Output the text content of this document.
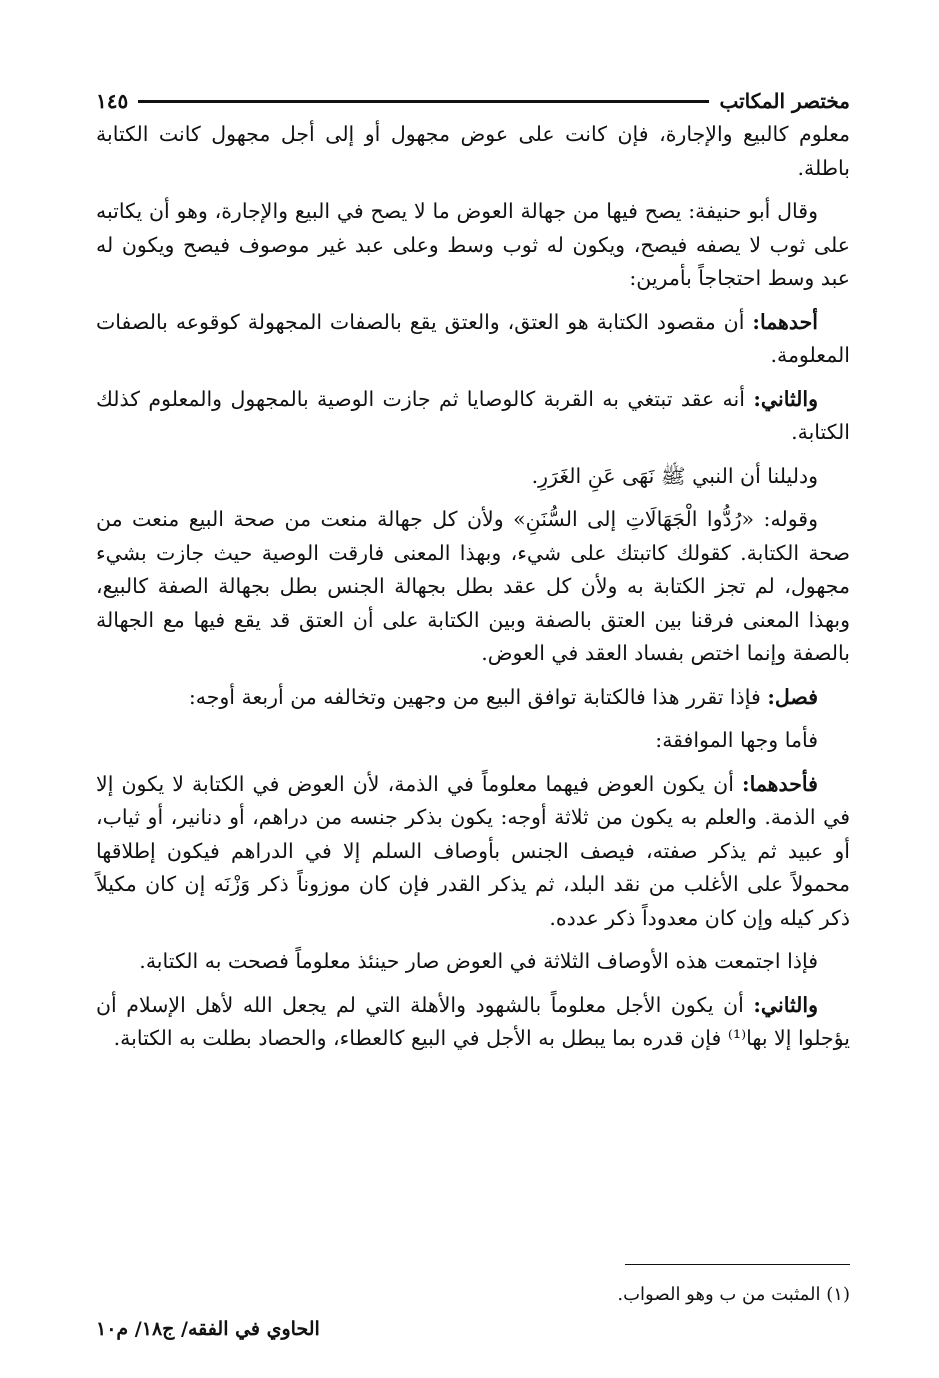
مختصر المكاتب
١٤٥

معلوم كالبيع والإجارة، فإن كانت على عوض مجهول أو إلى أجل مجهول كانت الكتابة باطلة.

وقال أبو حنيفة: يصح فيها من جهالة العوض ما لا يصح في البيع والإجارة، وهو أن يكاتبه على ثوب لا يصفه فيصح، ويكون له ثوب وسط وعلى عبد غير موصوف فيصح ويكون له عبد وسط احتجاجاً بأمرين:

أحدهما: أن مقصود الكتابة هو العتق، والعتق يقع بالصفات المجهولة كوقوعه بالصفات المعلومة.

والثاني: أنه عقد تبتغي به القربة كالوصايا ثم جازت الوصية بالمجهول والمعلوم كذلك الكتابة.

ودليلنا أن النبي ﷺ نَهَى عَنِ الغَرَرِ.

وقوله: «رُدُّوا الْجَهَالَاتِ إلى السُّنَنِ» ولأن كل جهالة منعت من صحة البيع منعت من صحة الكتابة. كقولك كاتبتك على شيء، وبهذا المعنى فارقت الوصية حيث جازت بشيء مجهول، لم تجز الكتابة به ولأن كل عقد بطل بجهالة الجنس بطل بجهالة الصفة كالبيع، وبهذا المعنى فرقنا بين العتق بالصفة وبين الكتابة على أن العتق قد يقع فيها مع الجهالة بالصفة وإنما اختص بفساد العقد في العوض.

فصل: فإذا تقرر هذا فالكتابة توافق البيع من وجهين وتخالفه من أربعة أوجه:

فأما وجها الموافقة:

فأحدهما: أن يكون العوض فيهما معلوماً في الذمة، لأن العوض في الكتابة لا يكون إلا في الذمة. والعلم به يكون من ثلاثة أوجه: يكون بذكر جنسه من دراهم، أو دنانير، أو ثياب، أو عبيد ثم يذكر صفته، فيصف الجنس بأوصاف السلم إلا في الدراهم فيكون إطلاقها محمولاً على الأغلب من نقد البلد، ثم يذكر القدر فإن كان موزوناً ذكر وَزْنَه إن كان مكيلاً ذكر كيله وإن كان معدوداً ذكر عدده.

فإذا اجتمعت هذه الأوصاف الثلاثة في العوض صار حينئذ معلوماً فصحت به الكتابة.

والثاني: أن يكون الأجل معلوماً بالشهود والأهلة التي لم يجعل الله لأهل الإسلام أن يؤجلوا إلا بها⁽¹⁾ فإن قدره بما يبطل به الأجل في البيع كالعطاء، والحصاد بطلت به الكتابة.

(١) المثبت من ب وهو الصواب.
الحاوي في الفقه/ ج١٨/ م١٠
